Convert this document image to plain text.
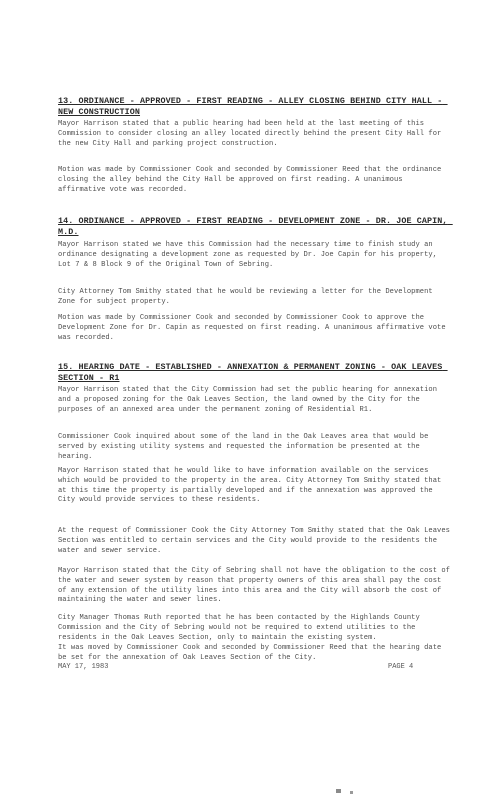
13. ORDINANCE - APPROVED - FIRST READING - ALLEY CLOSING BEHIND CITY HALL - NEW CONSTRUCTION
Mayor Harrison stated that a public hearing had been held at the last meeting of this Commission to consider closing an alley located directly behind the present City Hall for the new City Hall and parking project construction.
Motion was made by Commissioner Cook and seconded by Commissioner Reed that the ordinance closing the alley behind the City Hall be approved on first reading. A unanimous affirmative vote was recorded.
14. ORDINANCE - APPROVED - FIRST READING - DEVELOPMENT ZONE - DR. JOE CAPIN, M.D.
Mayor Harrison stated we have this Commission had the necessary time to finish study an ordinance designating a development zone as requested by Dr. Joe Capin for his property, Lot 7 & 8 Block 9 of the Original Town of Sebring.
City Attorney Tom Smithy stated that he would be reviewing a letter for the Development Zone for subject property.
Motion was made by Commissioner Cook and seconded by Commissioner Cook to approve the Development Zone for Dr. Capin as requested on first reading. A unanimous affirmative vote was recorded.
15. HEARING DATE - ESTABLISHED - ANNEXATION & PERMANENT ZONING - OAK LEAVES SECTION - R1
Mayor Harrison stated that the City Commission had set the public hearing for annexation and a proposed zoning for the Oak Leaves Section, the land owned by the City for the purposes of an annexed area under the permanent zoning of Residential R1.
Commissioner Cook inquired about some of the land in the Oak Leaves area that would be served by existing utility systems and requested the information be presented at the hearing.
Mayor Harrison stated that he would like to have information available on the services which would be provided to the property in the area. City Attorney Tom Smithy stated that at this time the property is partially developed and if the annexation was approved the City would provide services to these residents.
At the request of Commissioner Cook the City Attorney Tom Smithy stated that the Oak Leaves Section was entitled to certain services and the City would provide to the residents the water and sewer service.
Mayor Harrison stated that the City of Sebring shall not have the obligation to the cost of the water and sewer system by reason that property owners of this area shall pay the cost of any extension of the utility lines into this area and the City will absorb the cost of maintaining the water and sewer lines.
City Manager Thomas Ruth reported that he has been contacted by the Highlands County Commission and the City of Sebring would not be required to extend utilities to the residents in the Oak Leaves Section, only to maintain the existing system.
It was moved by Commissioner Cook and seconded by Commissioner Reed that the hearing date be set for the annexation of Oak Leaves Section of the City.
MAY 17, 1983	PAGE 4
